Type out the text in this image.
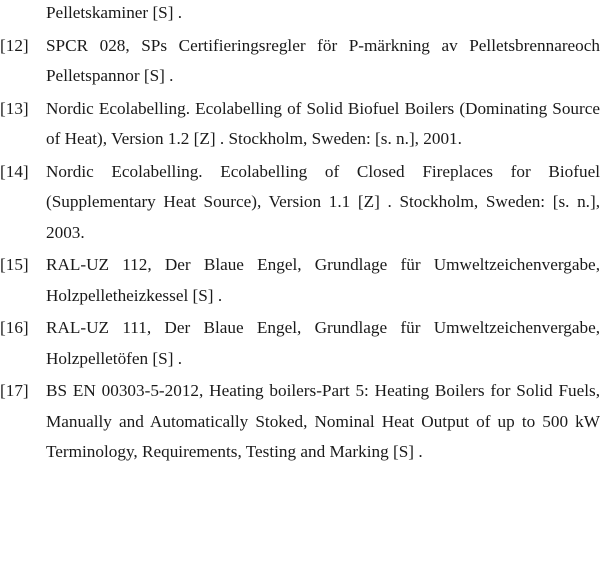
Pelletskaminer [S] .
[12] SPCR 028, SPs Certifieringsregler för P-märkning av Pelletsbrennareoch Pelletspannor [S] .
[13] Nordic Ecolabelling. Ecolabelling of Solid Biofuel Boilers (Dominating Source of Heat), Version 1.2 [Z] . Stockholm, Sweden: [s. n.], 2001.
[14] Nordic Ecolabelling. Ecolabelling of Closed Fireplaces for Biofuel (Supplementary Heat Source), Version 1.1 [Z] . Stockholm, Sweden: [s. n.], 2003.
[15] RAL-UZ 112, Der Blaue Engel, Grundlage für Umweltzeichenvergabe, Holzpelletheizkessel [S] .
[16] RAL-UZ 111, Der Blaue Engel, Grundlage für Umweltzeichenvergabe, Holzpelletöfen [S] .
[17] BS EN 00303-5-2012, Heating boilers-Part 5: Heating Boilers for Solid Fuels, Manually and Automatically Stoked, Nominal Heat Output of up to 500 kW Terminology, Requirements, Testing and Marking [S] .
